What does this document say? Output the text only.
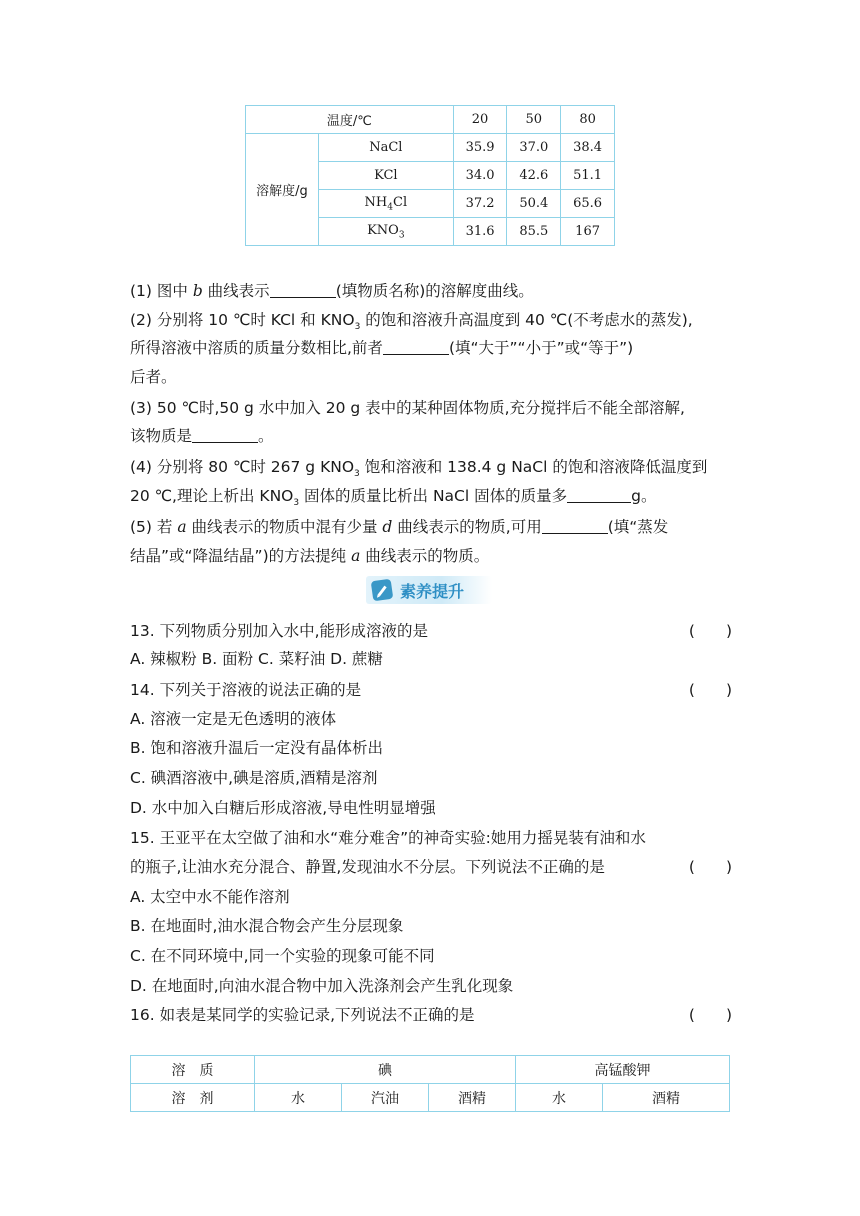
温度/℃		20	50	80
溶解度/g	NaCl	35.9	37.0	38.4
	KCl	34.0	42.6	51.1
	$NH_4Cl$	37.2	50.4	65.6
	$KNO_3$	31.6	85.5	167
(1) 图中 b 曲线表示	(填物质名称)的溶解度曲线。
(2) 分别将 10 ℃时 KCl 和 $KNO_3$ 的饱和溶液升高温度到 40 ℃(不考虑水的蒸发),
所得溶液中溶质的质量分数相比,前者	(填“大于”“小于”或“等于”)
后者。
(3) 50 ℃时,50 g 水中加入 20 g 表中的某种固体物质,充分搅拌后不能全部溶解,
该物质是	。
(4) 分别将 80 ℃时 267 g $KNO_3$ 饱和溶液和 138.4 g NaCl 的饱和溶液降低温度到
20 ℃,理论上析出 $KNO_3$ 固体的质量比析出 NaCl 固体的质量多	g。
(5) 若 a 曲线表示的物质中混有少量 d 曲线表示的物质,可用	(填“蒸发
结晶”或“降温结晶”)的方法提纯 a 曲线表示的物质。
素养提升
13. 下列物质分别加入水中,能形成溶液的是	(　　)
A. 辣椒粉 B. 面粉 C. 菜籽油 D. 蔗糖
14. 下列关于溶液的说法正确的是	(　　)
A. 溶液一定是无色透明的液体
B. 饱和溶液升温后一定没有晶体析出
C. 碘酒溶液中,碘是溶质,酒精是溶剂
D. 水中加入白糖后形成溶液,导电性明显增强
15. 王亚平在太空做了油和水“难分难舍”的神奇实验:她用力摇晃装有油和水
的瓶子,让油水充分混合、静置,发现油水不分层。下列说法不正确的是	(　　)
A. 太空中水不能作溶剂
B. 在地面时,油水混合物会产生分层现象
C. 在不同环境中,同一个实验的现象可能不同
D. 在地面时,向油水混合物中加入洗涤剂会产生乳化现象
16. 如表是某同学的实验记录,下列说法不正确的是	(　　)
溶　质	碘			高锰酸钾	
溶　剂	水	汽油	酒精	水	酒精
